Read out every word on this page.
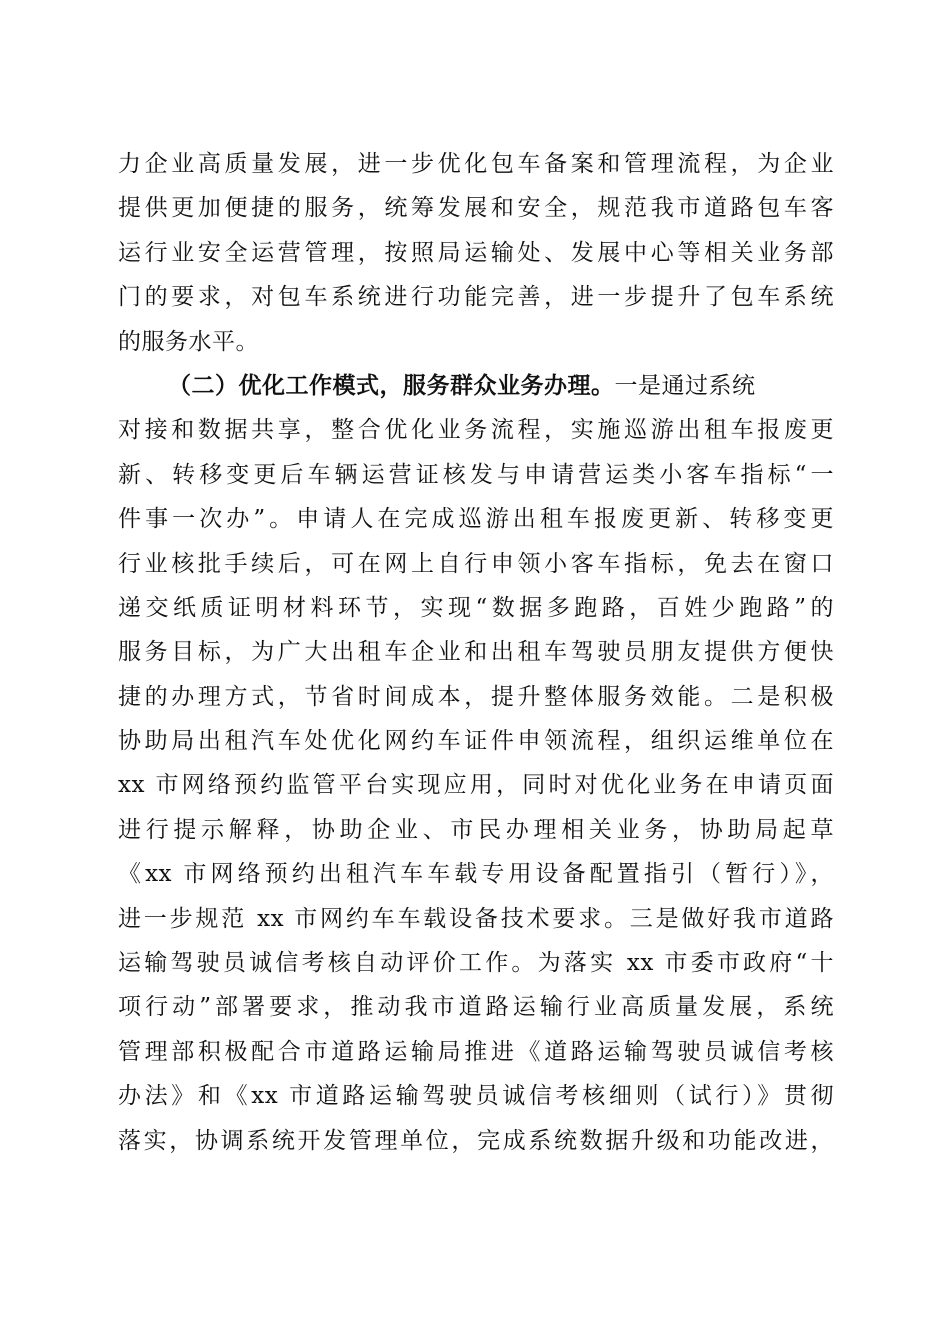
力企业高质量发展，进一步优化包车备案和管理流程，为企业
提供更加便捷的服务，统筹发展和安全，规范我市道路包车客
运行业安全运营管理，按照局运输处、发展中心等相关业务部
门的要求，对包车系统进行功能完善，进一步提升了包车系统
的服务水平。
（二）优化工作模式，服务群众业务办理。一是通过系统
对接和数据共享，整合优化业务流程，实施巡游出租车报废更
新、转移变更后车辆运营证核发与申请营运类小客车指标“一
件事一次办”。申请人在完成巡游出租车报废更新、转移变更
行业核批手续后，可在网上自行申领小客车指标，免去在窗口
递交纸质证明材料环节，实现“数据多跑路，百姓少跑路”的
服务目标，为广大出租车企业和出租车驾驶员朋友提供方便快
捷的办理方式，节省时间成本，提升整体服务效能。二是积极
协助局出租汽车处优化网约车证件申领流程，组织运维单位在
xx 市网络预约监管平台实现应用，同时对优化业务在申请页面
进行提示解释，协助企业、市民办理相关业务，协助局起草
《xx 市网络预约出租汽车车载专用设备配置指引（暂行）》，
进一步规范 xx 市网约车车载设备技术要求。三是做好我市道路
运输驾驶员诚信考核自动评价工作。为落实 xx 市委市政府“十
项行动”部署要求，推动我市道路运输行业高质量发展，系统
管理部积极配合市道路运输局推进《道路运输驾驶员诚信考核
办法》和《xx 市道路运输驾驶员诚信考核细则（试行）》贯彻
落实，协调系统开发管理单位，完成系统数据升级和功能改进，
